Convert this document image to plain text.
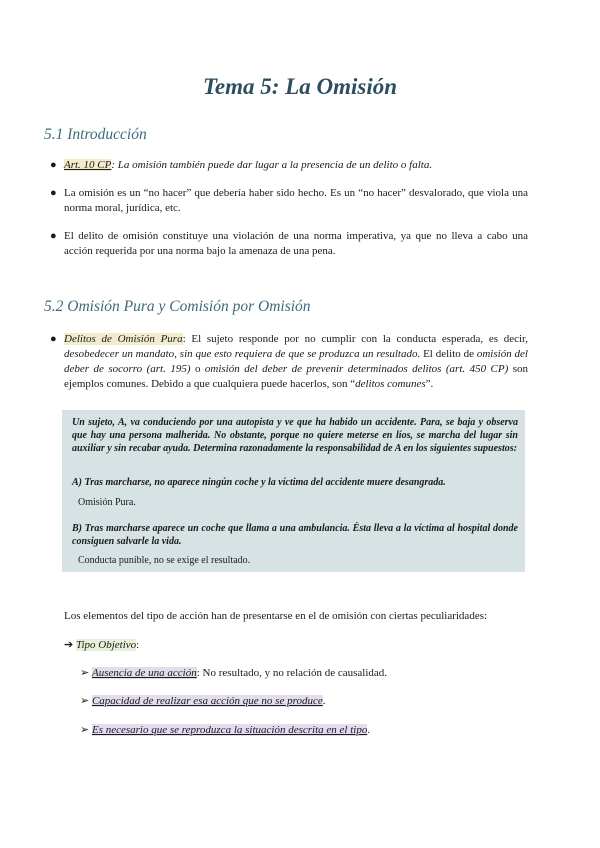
Tema 5: La Omisión
5.1 Introducción
● Art. 10 CP: La omisión también puede dar lugar a la presencia de un delito o falta.
● La omisión es un “no hacer” que debería haber sido hecho. Es un “no hacer” desvalorado, que viola una norma moral, jurídica, etc.
● El delito de omisión constituye una violación de una norma imperativa, ya que no lleva a cabo una acción requerida por una norma bajo la amenaza de una pena.
5.2 Omisión Pura y Comisión por Omisión
● Delitos de Omisión Pura: El sujeto responde por no cumplir con la conducta esperada, es decir, desobedecer un mandato, sin que esto requiera de que se produzca un resultado. El delito de omisión del deber de socorro (art. 195) o omisión del deber de prevenir determinados delitos (art. 450 CP) son ejemplos comunes. Debido a que cualquiera puede hacerlos, son “delitos comunes”.
Un sujeto, A, va conduciendo por una autopista y ve que ha habido un accidente. Para, se baja y observa que hay una persona malherida. No obstante, porque no quiere meterse en líos, se marcha del lugar sin auxiliar y sin recabar ayuda. Determina razonadamente la responsabilidad de A en los siguientes supuestos:
A) Tras marcharse, no aparece ningún coche y la víctima del accidente muere desangrada.
Omisión Pura.
B) Tras marcharse aparece un coche que llama a una ambulancia. Ésta lleva a la víctima al hospital donde consiguen salvarle la vida.
Conducta punible, no se exige el resultado.
Los elementos del tipo de acción han de presentarse en el de omisión con ciertas peculiaridades:
➔ Tipo Objetivo:
➢ Ausencia de una acción: No resultado, y no relación de causalidad.
➢ Capacidad de realizar esa acción que no se produce.
➢ Es necesario que se reproduzca la situación descrita en el tipo.
